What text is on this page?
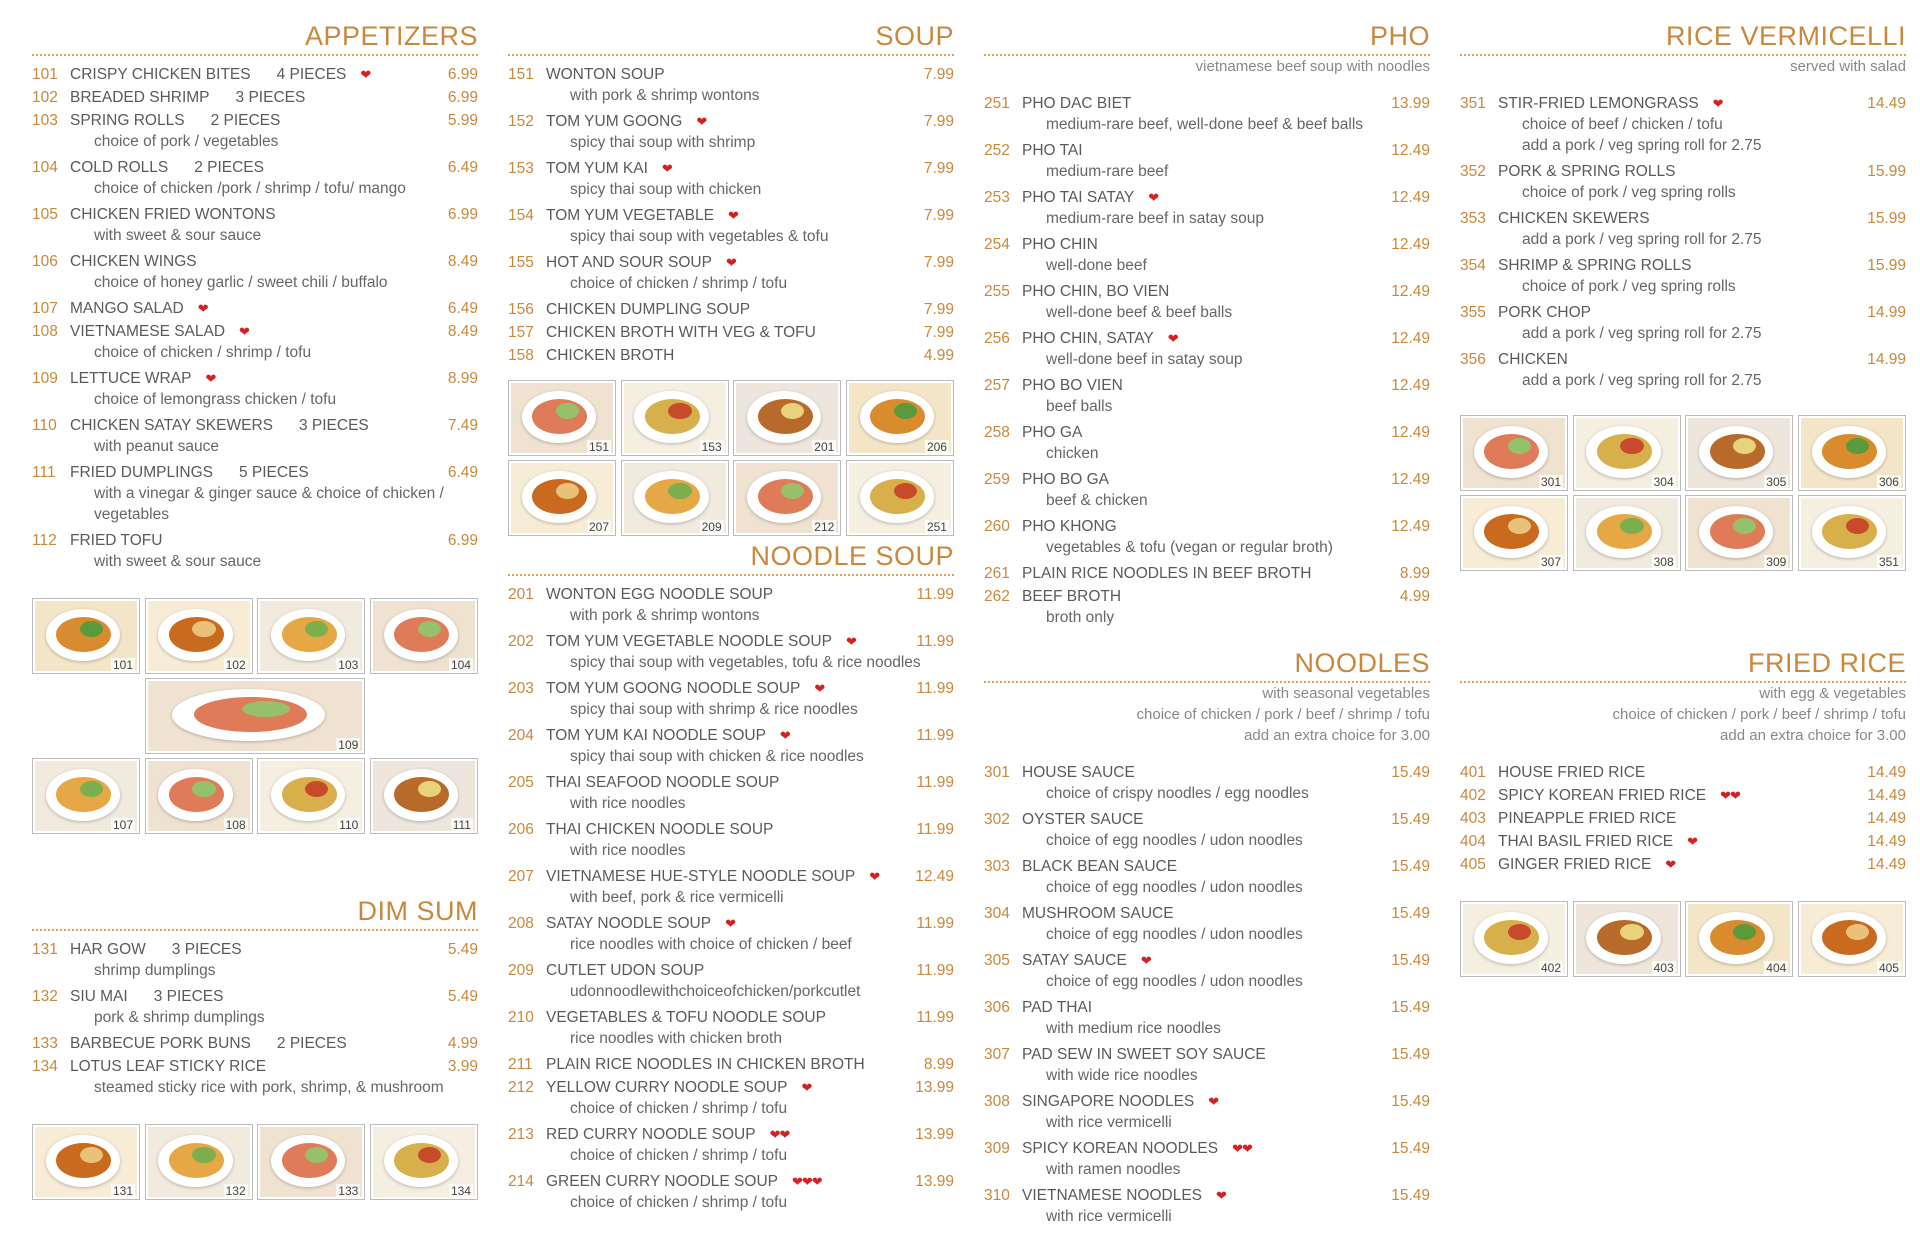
APPETIZERS
101 CRISPY CHICKEN BITES 4 PIECES ❤	6.99
102 BREADED SHRIMP 3 PIECES	6.99
103 SPRING ROLLS 2 PIECES	5.99
choice of pork / vegetables
104 COLD ROLLS 2 PIECES	6.49
choice of chicken /pork / shrimp / tofu/ mango
105 CHICKEN FRIED WONTONS	6.99
with sweet & sour sauce
106 CHICKEN WINGS	8.49
choice of honey garlic / sweet chili / buffalo
107 MANGO SALAD ❤	6.49
108 VIETNAMESE SALAD ❤	8.49
choice of chicken / shrimp / tofu
109 LETTUCE WRAP ❤	8.99
choice of lemongrass chicken / tofu
110 CHICKEN SATAY SKEWERS 3 PIECES	7.49
with peanut sauce
111 FRIED DUMPLINGS 5 PIECES	6.49
with a vinegar & ginger sauce & choice of chicken / vegetables
112 FRIED TOFU	6.99
with sweet & sour sauce
101	102	103	104
109
107	108	110	111
DIM SUM
131 HAR GOW 3 PIECES	5.49
shrimp dumplings
132 SIU MAI 3 PIECES	5.49
pork & shrimp dumplings
133 BARBECUE PORK BUNS 2 PIECES	4.99
134 LOTUS LEAF STICKY RICE	3.99
steamed sticky rice with pork, shrimp, & mushroom
131	132	133	134
SOUP
151 WONTON SOUP	7.99
with pork & shrimp wontons
152 TOM YUM GOONG ❤	7.99
spicy thai soup with shrimp
153 TOM YUM KAI ❤	7.99
spicy thai soup with chicken
154 TOM YUM VEGETABLE ❤	7.99
spicy thai soup with vegetables & tofu
155 HOT AND SOUR SOUP ❤	7.99
choice of chicken / shrimp / tofu
156 CHICKEN DUMPLING SOUP	7.99
157 CHICKEN BROTH WITH VEG & TOFU	7.99
158 CHICKEN BROTH	4.99
151	153	201	206
207	209	212	251
NOODLE SOUP
201 WONTON EGG NOODLE SOUP	11.99
with pork & shrimp wontons
202 TOM YUM VEGETABLE NOODLE SOUP ❤	11.99
spicy thai soup with vegetables, tofu & rice noodles
203 TOM YUM GOONG NOODLE SOUP ❤	11.99
spicy thai soup with shrimp & rice noodles
204 TOM YUM KAI NOODLE SOUP ❤	11.99
spicy thai soup with chicken & rice noodles
205 THAI SEAFOOD NOODLE SOUP	11.99
with rice noodles
206 THAI CHICKEN NOODLE SOUP	11.99
with rice noodles
207 VIETNAMESE HUE-STYLE NOODLE SOUP ❤ 12.49
with beef, pork & rice vermicelli
208 SATAY NOODLE SOUP ❤	11.99
rice noodles with choice of chicken / beef
209 CUTLET UDON SOUP	11.99
udonnoodlewithchoiceofchicken/porkcutlet
210 VEGETABLES & TOFU NOODLE SOUP	11.99
rice noodles with chicken broth
211 PLAIN RICE NOODLES IN CHICKEN BROTH	8.99
212 YELLOW CURRY NOODLE SOUP ❤	13.99
choice of chicken / shrimp / tofu
213 RED CURRY NOODLE SOUP ❤❤	13.99
choice of chicken / shrimp / tofu
214 GREEN CURRY NOODLE SOUP ❤❤❤	13.99
choice of chicken / shrimp / tofu
PHO
vietnamese beef soup with noodles
251 PHO DAC BIET	13.99
medium-rare beef, well-done beef & beef balls
252 PHO TAI	12.49
medium-rare beef
253 PHO TAI SATAY ❤	12.49
medium-rare beef in satay soup
254 PHO CHIN	12.49
well-done beef
255 PHO CHIN, BO VIEN	12.49
well-done beef & beef balls
256 PHO CHIN, SATAY ❤	12.49
well-done beef in satay soup
257 PHO BO VIEN	12.49
beef balls
258 PHO GA	12.49
chicken
259 PHO BO GA	12.49
beef & chicken
260 PHO KHONG	12.49
vegetables & tofu (vegan or regular broth)
261 PLAIN RICE NOODLES IN BEEF BROTH	8.99
262 BEEF BROTH	4.99
broth only
NOODLES
with seasonal vegetables
choice of chicken / pork / beef / shrimp / tofu
add an extra choice for 3.00
301 HOUSE SAUCE	15.49
choice of crispy noodles / egg noodles
302 OYSTER SAUCE	15.49
choice of egg noodles / udon noodles
303 BLACK BEAN SAUCE	15.49
choice of egg noodles / udon noodles
304 MUSHROOM SAUCE	15.49
choice of egg noodles / udon noodles
305 SATAY SAUCE ❤	15.49
choice of egg noodles / udon noodles
306 PAD THAI	15.49
with medium rice noodles
307 PAD SEW IN SWEET SOY SAUCE	15.49
with wide rice noodles
308 SINGAPORE NOODLES ❤	15.49
with rice vermicelli
309 SPICY KOREAN NOODLES ❤❤	15.49
with ramen noodles
310 VIETNAMESE NOODLES ❤	15.49
with rice vermicelli
RICE VERMICELLI
served with salad
351 STIR-FRIED LEMONGRASS ❤	14.49
choice of beef / chicken / tofu
add a pork / veg spring roll for 2.75
352 PORK & SPRING ROLLS	15.99
choice of pork / veg spring rolls
353 CHICKEN SKEWERS	15.99
add a pork / veg spring roll for 2.75
354 SHRIMP & SPRING ROLLS	15.99
choice of pork / veg spring rolls
355 PORK CHOP	14.99
add a pork / veg spring roll for 2.75
356 CHICKEN	14.99
add a pork / veg spring roll for 2.75
301	304	305	306
307	308	309	351
FRIED RICE
with egg & vegetables
choice of chicken / pork / beef / shrimp / tofu
add an extra choice for 3.00
401 HOUSE FRIED RICE	14.49
402 SPICY KOREAN FRIED RICE ❤❤	14.49
403 PINEAPPLE FRIED RICE	14.49
404 THAI BASIL FRIED RICE ❤	14.49
405 GINGER FRIED RICE ❤	14.49
402	403	404	405
